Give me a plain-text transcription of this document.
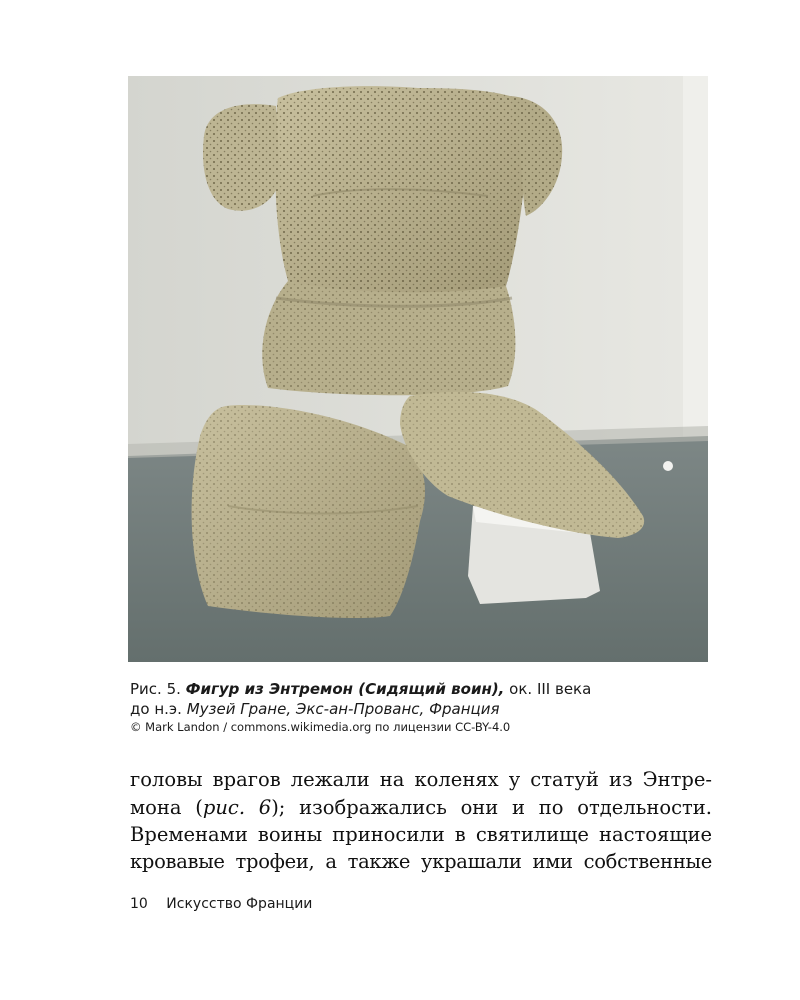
Рис. 5. Фигур из Энтремон (Сидящий воин), ок. III века
до н.э. Музей Гране, Экс-ан-Прованс, Франция
© Mark Landon / commons.wikimedia.org по лицензии CC-BY-4.0
головы врагов лежали на коленях у статуй из Энтре-
мона (рис. 6); изображались они и по отдельности.
Временами воины приносили в святилище настоящие
кровавые трофеи, а также украшали ими собственные
10 Искусство Франции
